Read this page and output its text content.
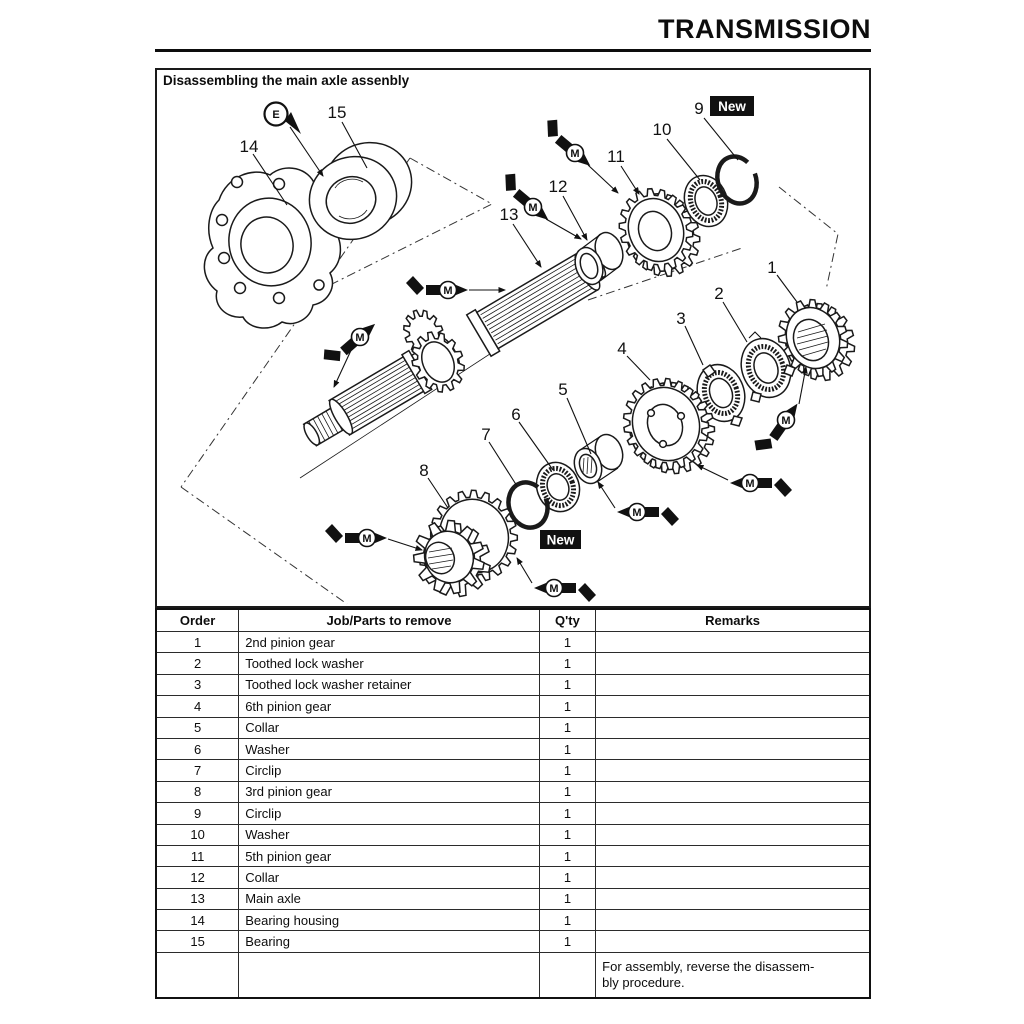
TRANSMISSION
Disassembling the main axle assenbly
1
2
3
4
5
6
7
8
9
10
11
12
13
14
15
E
M
M
M
M
M
M
M
M
M
New
New
Order	Job/Parts to remove	Q'ty	Remarks
1	2nd pinion gear	1	
2	Toothed lock washer	1	
3	Toothed lock washer retainer	1	
4	6th pinion gear	1	
5	Collar	1	
6	Washer	1	
7	Circlip	1	
8	3rd pinion gear	1	
9	Circlip	1	
10	Washer	1	
11	5th pinion gear	1	
12	Collar	1	
13	Main axle	1	
14	Bearing housing	1	
15	Bearing	1	

			For assembly, reverse the disassem-
bly procedure.
